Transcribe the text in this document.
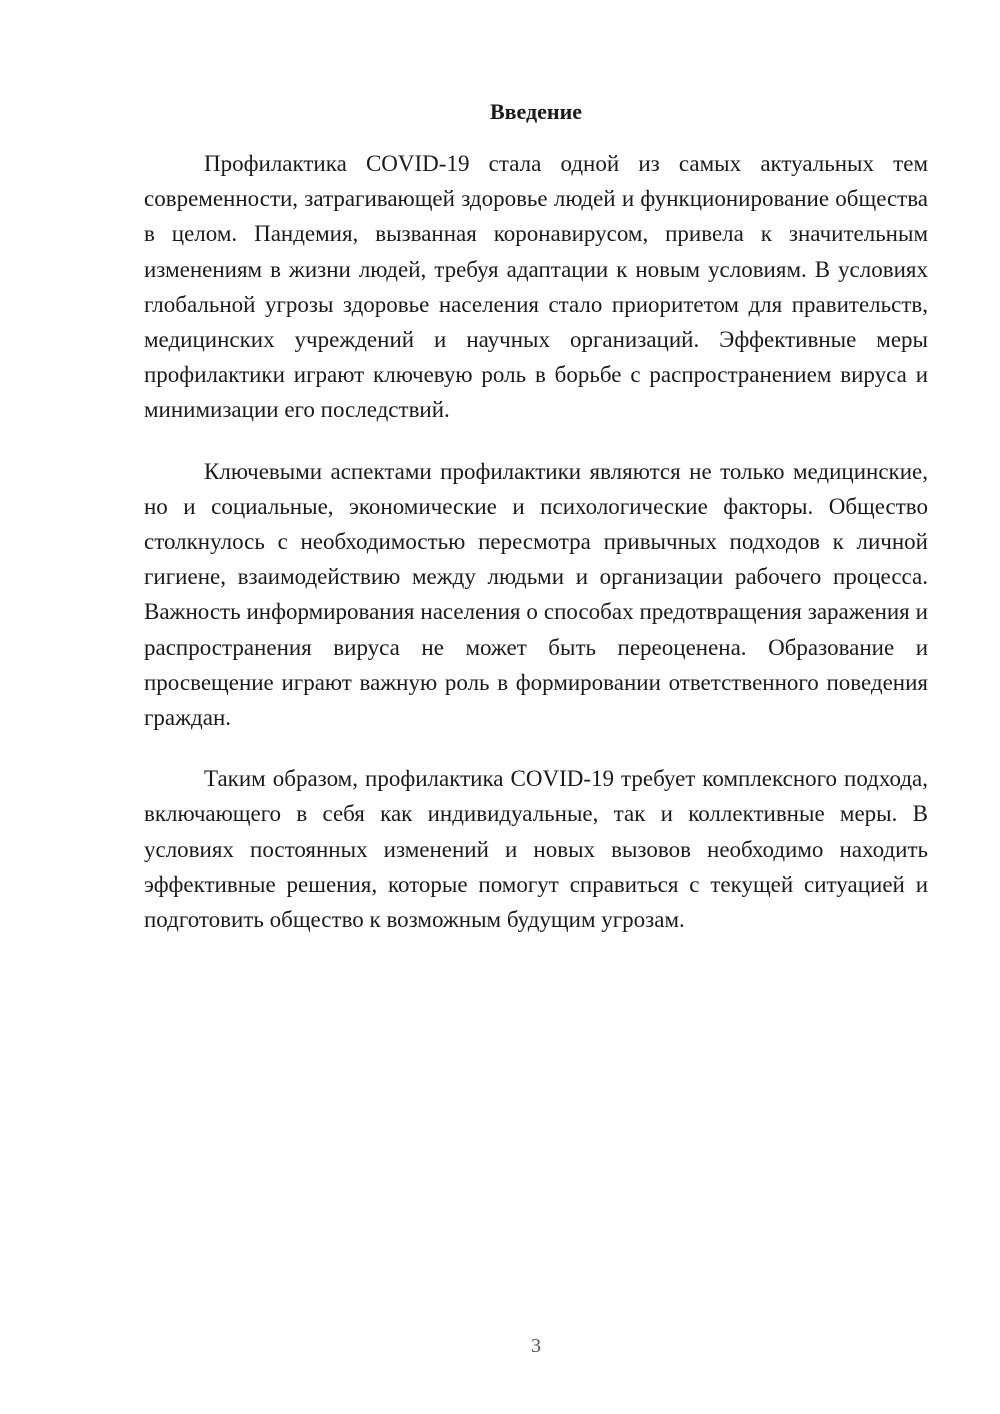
Введение

Профилактика COVID-19 стала одной из самых актуальных тем современности, затрагивающей здоровье людей и функционирование общества в целом. Пандемия, вызванная коронавирусом, привела к значительным изменениям в жизни людей, требуя адаптации к новым условиям. В условиях глобальной угрозы здоровье населения стало приоритетом для правительств, медицинских учреждений и научных организаций. Эффективные меры профилактики играют ключевую роль в борьбе с распространением вируса и минимизации его последствий.

Ключевыми аспектами профилактики являются не только медицинские, но и социальные, экономические и психологические факторы. Общество столкнулось с необходимостью пересмотра привычных подходов к личной гигиене, взаимодействию между людьми и организации рабочего процесса. Важность информирования населения о способах предотвращения заражения и распространения вируса не может быть переоценена. Образование и просвещение играют важную роль в формировании ответственного поведения граждан.

Таким образом, профилактика COVID-19 требует комплексного подхода, включающего в себя как индивидуальные, так и коллективные меры. В условиях постоянных изменений и новых вызовов необходимо находить эффективные решения, которые помогут справиться с текущей ситуацией и подготовить общество к возможным будущим угрозам.

3
